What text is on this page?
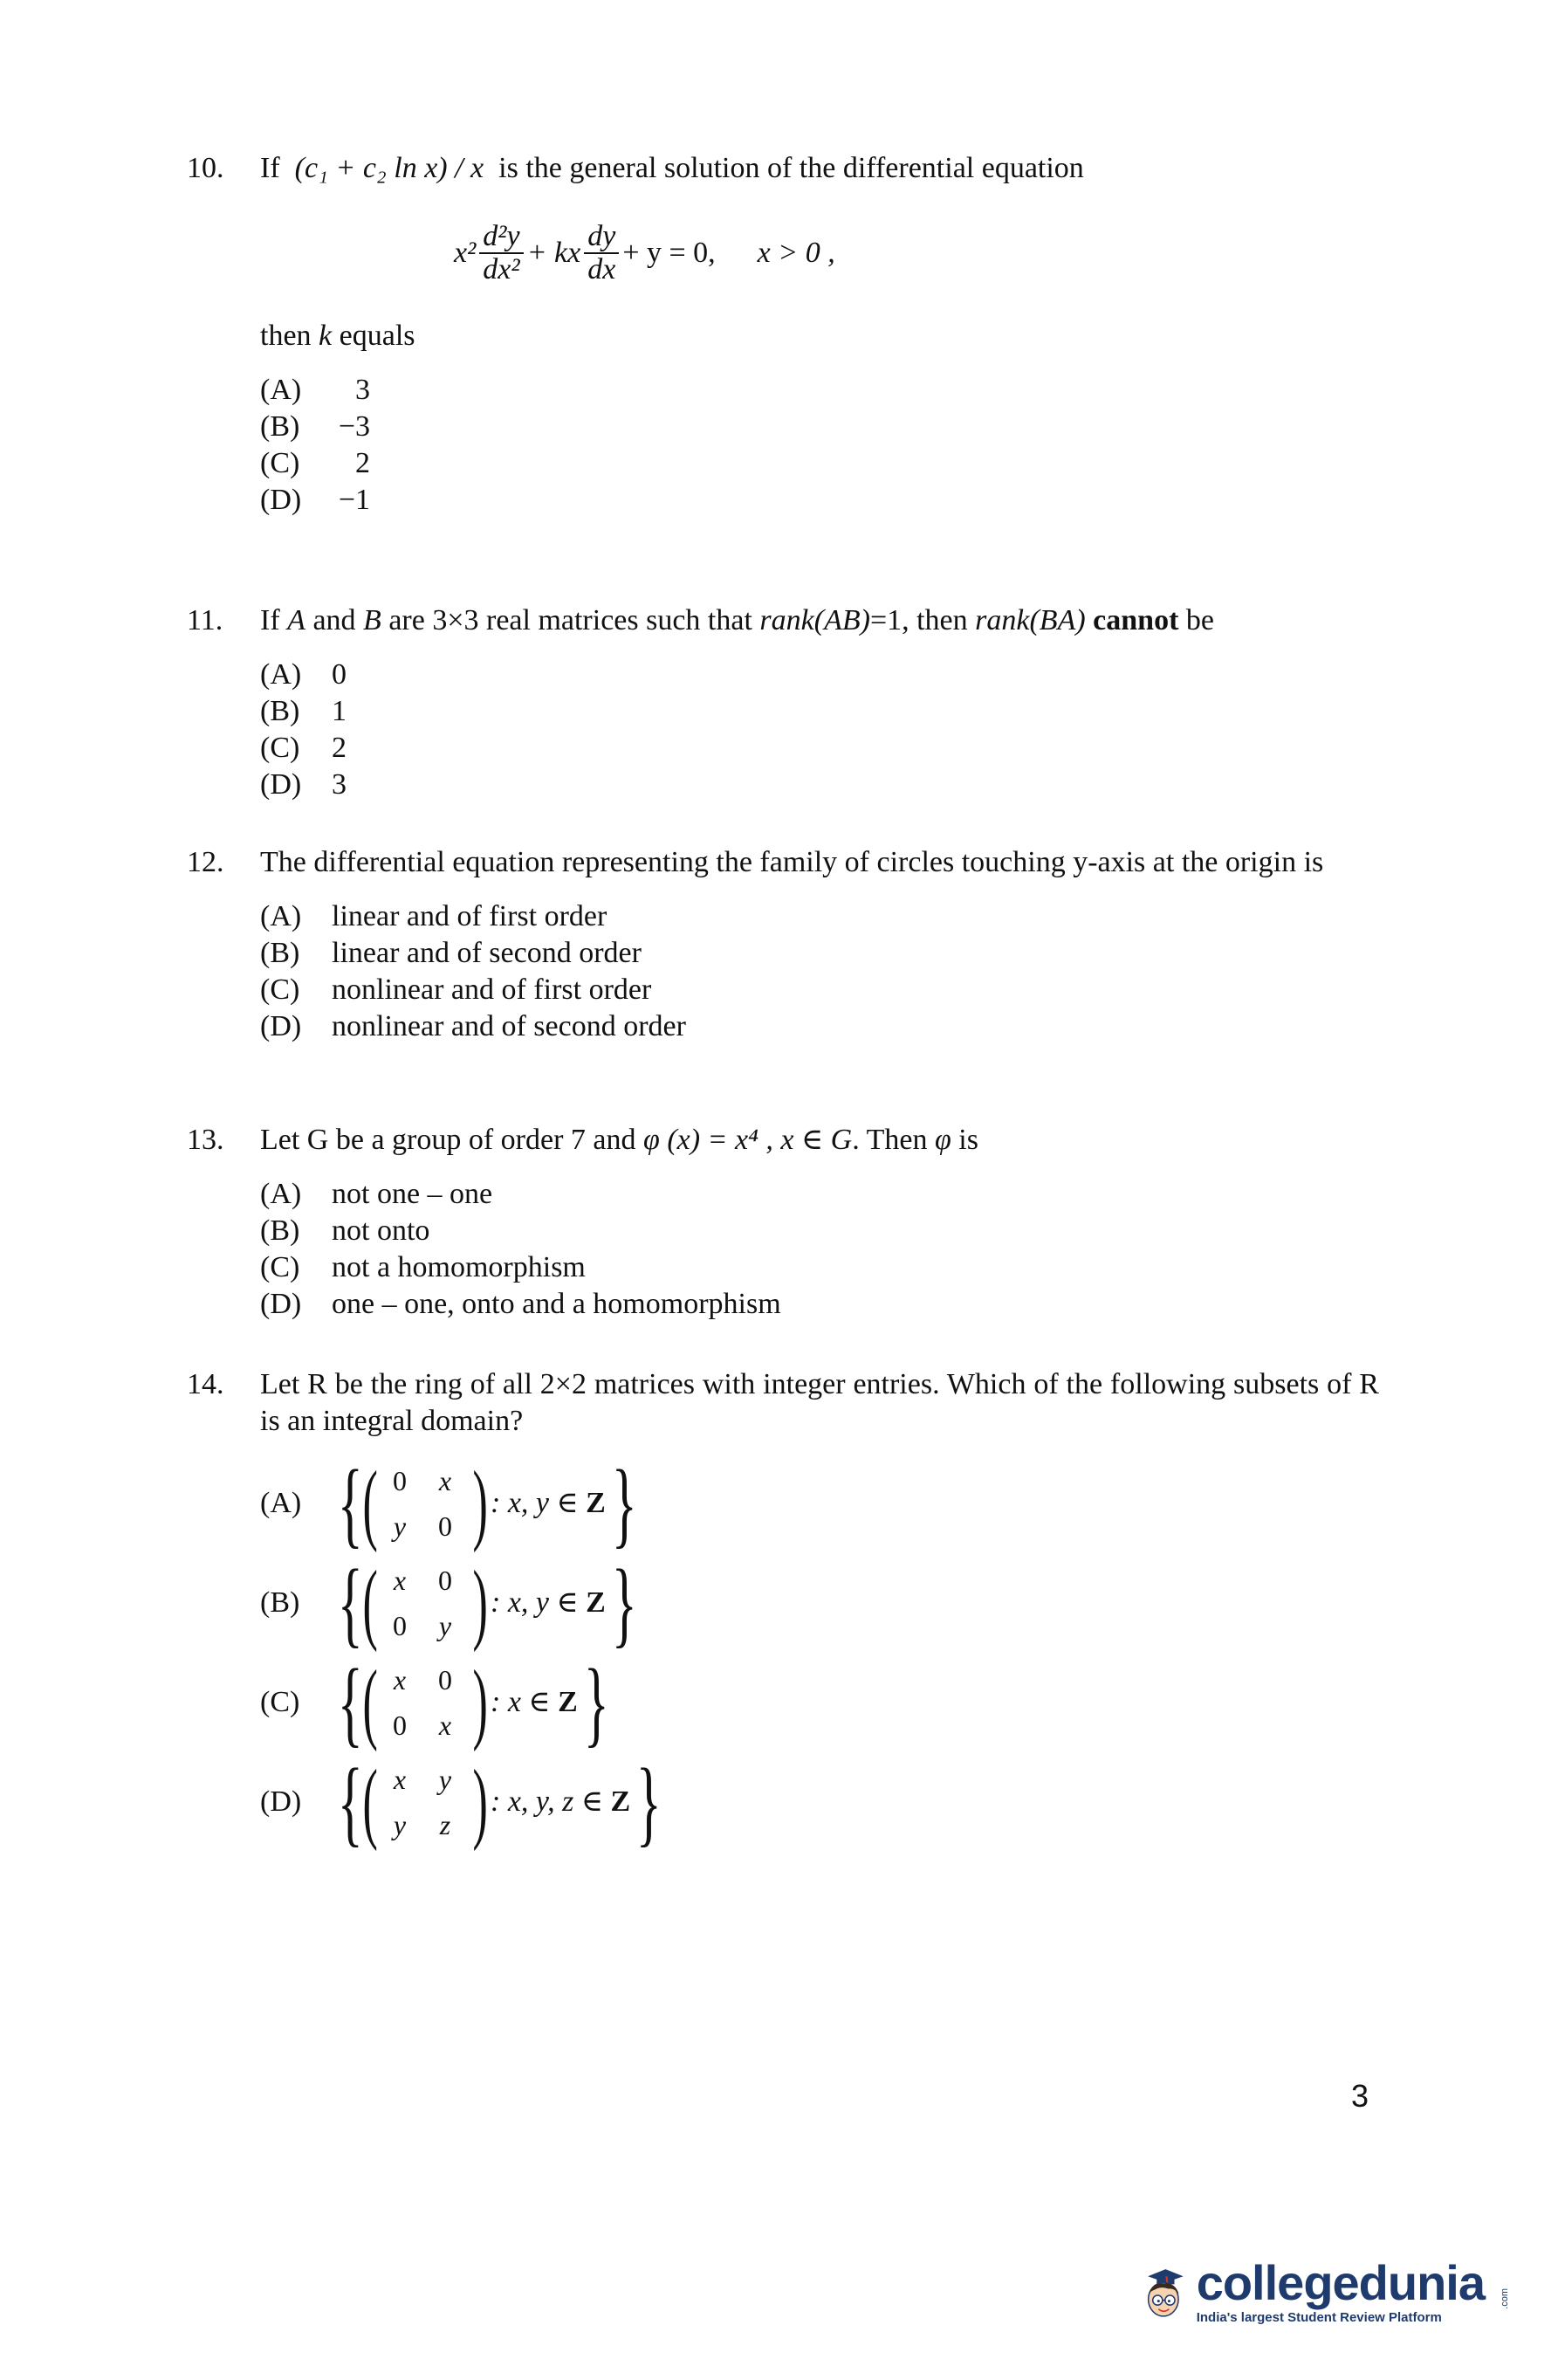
10. If (c₁ + c₂ ln x) / x is the general solution of the differential equation
$x^2 \frac{\text{d²y}}{\text{dx²}}$ + kx $\frac{dy}{dx} + y = 0$, x > 0 ,
then k equals
(A)	3
(B)	−3
(C)	2
(D)	−1
11. If A and B are 3×3 real matrices such that rank(AB)=1, then rank(BA) cannot be
(A)	0
(B)	1
(C)	2
(D)	3
12. The differential equation representing the family of circles touching y-axis at the origin is
(A)	linear and of first order
(B)	linear and of second order
(C)	nonlinear and of first order
(D)	nonlinear and of second order
13. Let G be a group of order 7 and φ (x) = x⁴ , x ∈ G. Then φ is
(A)	not one – one
(B)	not onto
(C)	not a homomorphism
(D)	one – one, onto and a homomorphism
14. Let R be the ring of all 2×2 matrices with integer entries. Which of the following subsets of R is an integral domain?
(A) { ( 0 x
y 0 ) : x, y ∈
Z }
(B) { ( x 0
0 y ) : x, y ∈
Z }
(C) { ( x 0
0 x ) : x ∈
Z }
(D) { ( x y
y z ) : x, y, z ∈
Z }
3
collegedunia	.com
India's largest Student Review Platform
